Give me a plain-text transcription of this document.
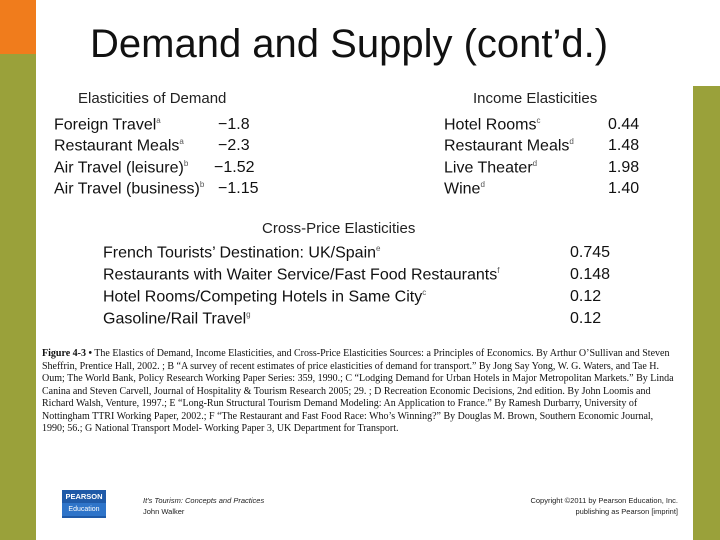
Demand and Supply (cont’d.)
Elasticities of Demand
Foreign Travel$^a$	−1.8
Restaurant Meals$^a$ −2.3
Air Travel (leisure)$^b$ −1.52
Air Travel (business)$^b$ −1.15
Income Elasticities
Hotel Rooms$^c$	0.44
Restaurant Meals$^d$ 1.48
Live Theater$^d$	1.98
Wine$^d$	1.40
Cross-Price Elasticities
French Tourists’ Destination: UK/Spain$^e$	0.745
Restaurants with Waiter Service/Fast Food Restaurants$^f$	0.148
Hotel Rooms/Competing Hotels in Same City$^c$	0.12
Gasoline/Rail Travel$^g$	0.12
Figure 4-3 • The Elastics of Demand, Income Elasticities, and Cross-Price Elasticities Sources: a Principles of Economics. By Arthur O’Sullivan and Steven Sheffrin, Prentice Hall, 2002. ; B “A survey of recent estimates of price elasticities of demand for transport.” By Jong Say Yong, W. G. Waters, and Tae H. Oum; The World Bank, Policy Research Working Paper Series: 359, 1990.; C “Lodging Demand for Urban Hotels in Major Metropolitan Markets.” By Linda Canina and Steven Carvell, Journal of Hospitality & Tourism Research 2005; 29. ; D Recreation Economic Decisions, 2nd edition. By John Loomis and Richard Walsh, Venture, 1997.; E “Long-Run Structural Tourism Demand Modeling: An Application to France.” By Ramesh Durbarry, University of Nottingham TTRI Working Paper, 2002.; F “The Restaurant and Fast Food Race: Who’s Winning?” By Douglas M. Brown, Southern Economic Journal, 1990; 56.; G National Transport Model- Working Paper 3, UK Department for Transport.
PEARSON
Education
It's Tourism: Concepts and Practices
John Walker
Copyright ©2011 by Pearson Education, Inc.
publishing as Pearson [imprint]
